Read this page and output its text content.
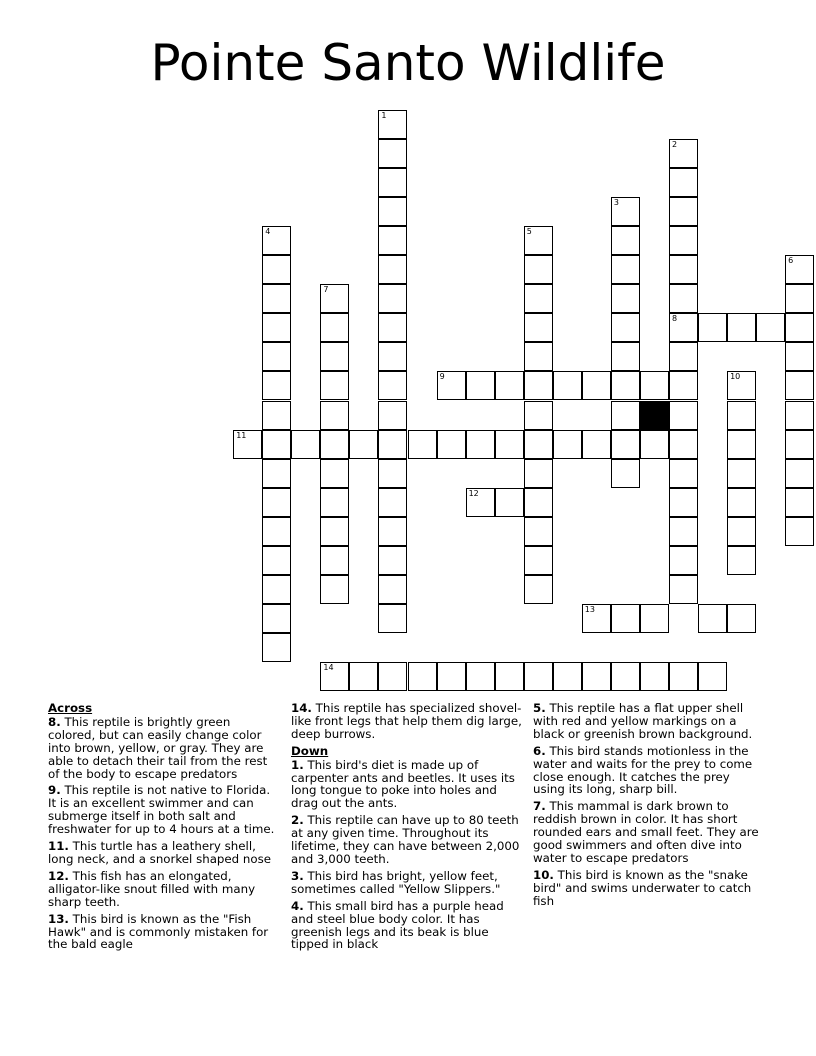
Pointe Santo Wildlife
1
2
3
4	5
6
7
8
9	10
11
12
13
14
Across
8. This reptile is brightly green colored, but can easily change color into brown, yellow, or gray. They are able to detach their tail from the rest of the body to escape predators
9. This reptile is not native to Florida. It is an excellent swimmer and can submerge itself in both salt and freshwater for up to 4 hours at a time.
11. This turtle has a leathery shell, long neck, and a snorkel shaped nose
12. This fish has an elongated, alligator-like snout filled with many sharp teeth.
13. This bird is known as the "Fish Hawk" and is commonly mistaken for the bald eagle
14. This reptile has specialized shovel-like front legs that help them dig large, deep burrows.
Down
1. This bird's diet is made up of carpenter ants and beetles. It uses its long tongue to poke into holes and drag out the ants.
2. This reptile can have up to 80 teeth at any given time. Throughout its lifetime, they can have between 2,000 and 3,000 teeth.
3. This bird has bright, yellow feet, sometimes called "Yellow Slippers."
4. This small bird has a purple head and steel blue body color. It has greenish legs and its beak is blue tipped in black
5. This reptile has a flat upper shell with red and yellow markings on a black or greenish brown background.
6. This bird stands motionless in the water and waits for the prey to come close enough. It catches the prey using its long, sharp bill.
7. This mammal is dark brown to reddish brown in color. It has short rounded ears and small feet. They are good swimmers and often dive into water to escape predators
10. This bird is known as the "snake bird" and swims underwater to catch fish
